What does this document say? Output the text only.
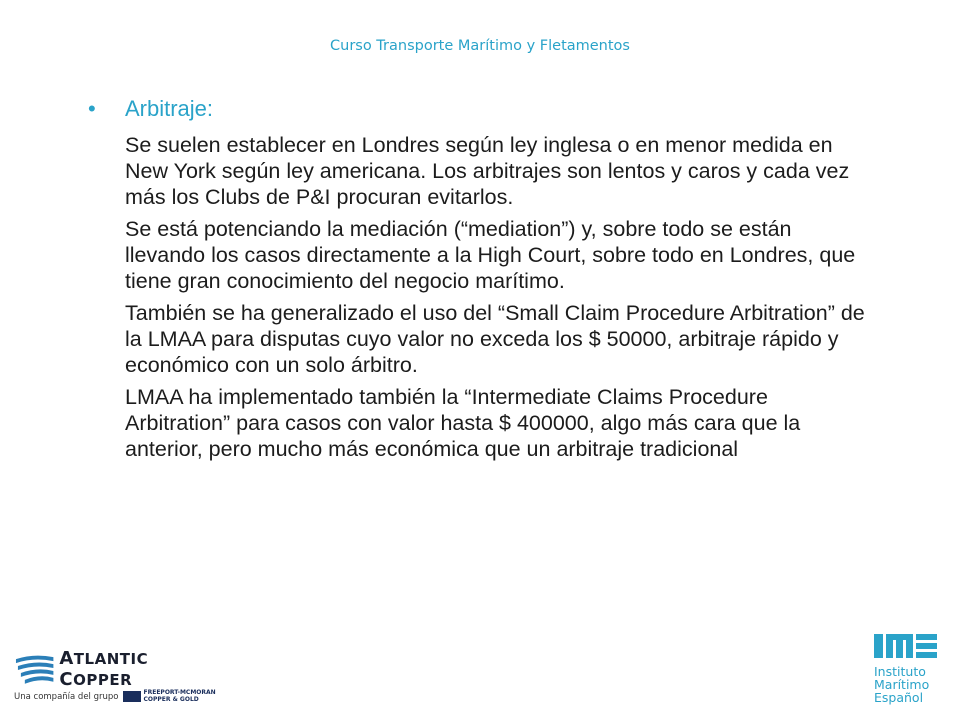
Curso Transporte Marítimo y Fletamentos
•	Arbitraje:

Se suelen establecer en Londres según ley inglesa o en menor medida en New York según ley americana. Los arbitrajes son lentos y caros y cada vez más los Clubs de P&I procuran evitarlos.

Se está potenciando la mediación (“mediation”) y, sobre todo se están llevando los casos directamente a la High Court, sobre todo en Londres, que tiene gran conocimiento del negocio marítimo.

También se ha generalizado el uso del “Small Claim Procedure Arbitration” de la LMAA para disputas cuyo valor no exceda los $ 50000, arbitraje rápido y económico con un solo árbitro.

LMAA ha implementado también la “Intermediate Claims Procedure Arbitration” para casos con valor hasta $ 400000, algo más cara que la anterior, pero mucho más económica que un arbitraje tradicional

ATLANTIC COPPER
Una compañía del grupo	FREEPORT-MCMORAN
COPPER & GOLD
Instituto
Marítimo
Español
